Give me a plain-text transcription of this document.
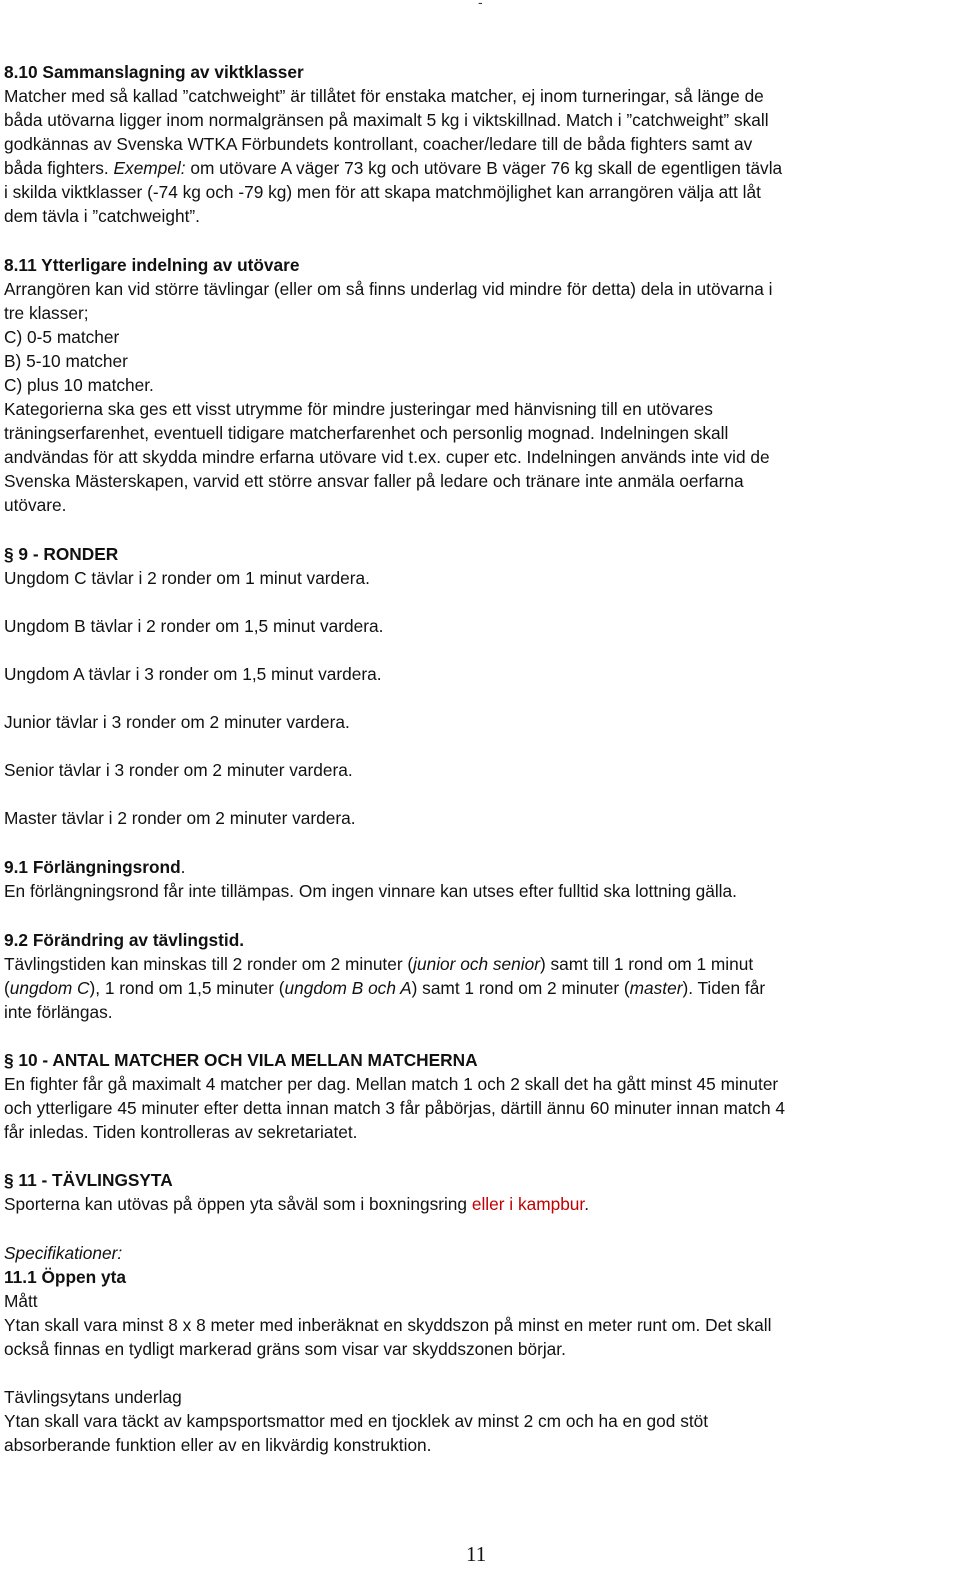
-
8.10 Sammanslagning av viktklasser
Matcher med så kallad ”catchweight” är tillåtet för enstaka matcher, ej inom turneringar, så länge de
båda utövarna ligger inom normalgränsen på maximalt 5 kg i viktskillnad. Match i ”catchweight” skall
godkännas av Svenska WTKA Förbundets kontrollant, coacher/ledare till de båda fighters samt av
båda fighters. Exempel: om utövare A väger 73 kg och utövare B väger 76 kg skall de egentligen tävla
i skilda viktklasser (-74 kg och -79 kg) men för att skapa matchmöjlighet kan arrangören välja att låt
dem tävla i ”catchweight”.
8.11 Ytterligare indelning av utövare
Arrangören kan vid större tävlingar (eller om så finns underlag vid mindre för detta) dela in utövarna i
tre klasser;
C) 0-5 matcher
B) 5-10 matcher
C) plus 10 matcher.
Kategorierna ska ges ett visst utrymme för mindre justeringar med hänvisning till en utövares
träningserfarenhet, eventuell tidigare matcherfarenhet och personlig mognad. Indelningen skall
andvändas för att skydda mindre erfarna utövare vid t.ex. cuper etc. Indelningen används inte vid de
Svenska Mästerskapen, varvid ett större ansvar faller på ledare och tränare inte anmäla oerfarna
utövare.
§ 9 - RONDER
Ungdom C tävlar i 2 ronder om 1 minut vardera.
Ungdom B tävlar i 2 ronder om 1,5 minut vardera.
Ungdom A tävlar i 3 ronder om 1,5 minut vardera.
Junior tävlar i 3 ronder om 2 minuter vardera.
Senior tävlar i 3 ronder om 2 minuter vardera.
Master tävlar i 2 ronder om 2 minuter vardera.
9.1 Förlängningsrond.
En förlängningsrond får inte tillämpas. Om ingen vinnare kan utses efter fulltid ska lottning gälla.
9.2 Förändring av tävlingstid.
Tävlingstiden kan minskas till 2 ronder om 2 minuter (junior och senior) samt till 1 rond om 1 minut
(ungdom C), 1 rond om 1,5 minuter (ungdom B och A) samt 1 rond om 2 minuter (master). Tiden får
inte förlängas.
§ 10 - ANTAL MATCHER OCH VILA MELLAN MATCHERNA
En fighter får gå maximalt 4 matcher per dag. Mellan match 1 och 2 skall det ha gått minst 45 minuter
och ytterligare 45 minuter efter detta innan match 3 får påbörjas, därtill ännu 60 minuter innan match 4
får inledas. Tiden kontrolleras av sekretariatet.
§ 11 - TÄVLINGSYTA
Sporterna kan utövas på öppen yta såväl som i boxningsring eller i kampbur.
Specifikationer:
11.1 Öppen yta
Mått
Ytan skall vara minst 8 x 8 meter med inberäknat en skyddszon på minst en meter runt om. Det skall
också finnas en tydligt markerad gräns som visar var skyddszonen börjar.
Tävlingsytans underlag
Ytan skall vara täckt av kampsportsmattor med en tjocklek av minst 2 cm och ha en god stöt
absorberande funktion eller av en likvärdig konstruktion.
11
